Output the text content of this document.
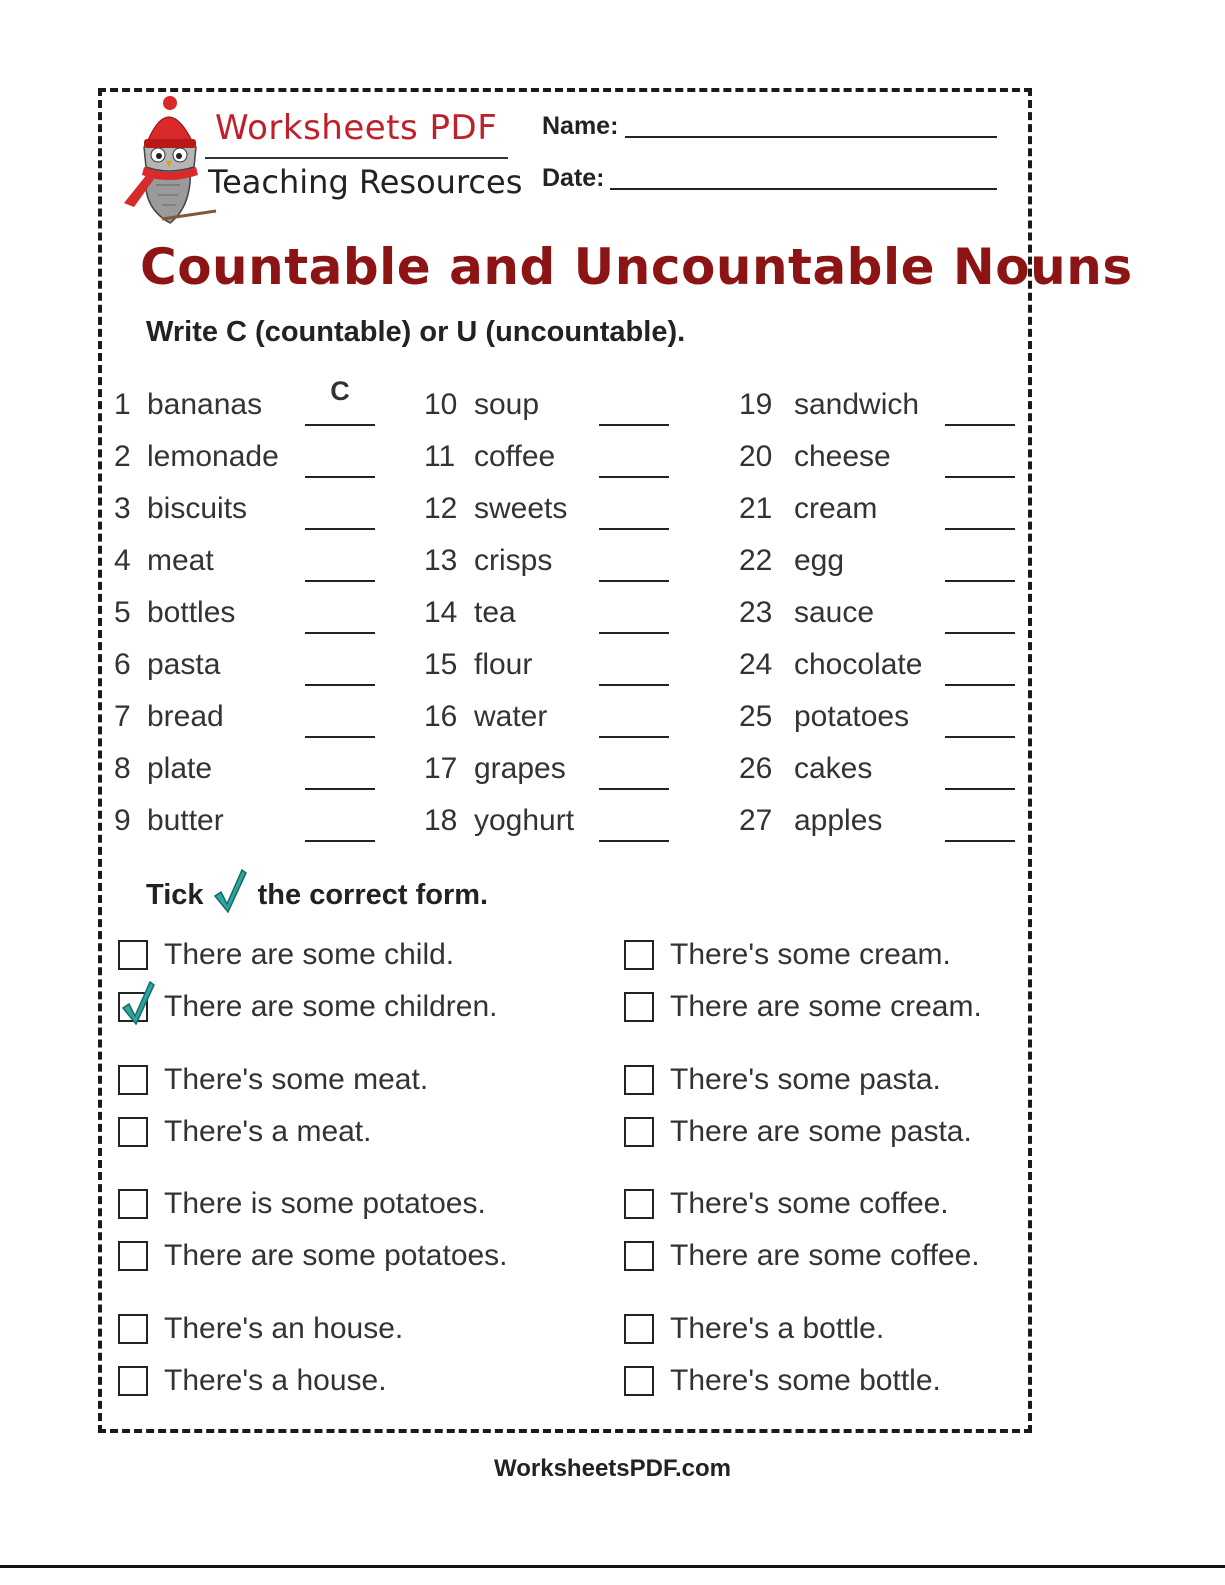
Worksheets PDF
Teaching Resources
Name:
Date:
Countable and Uncountable Nouns
Write C (countable) or U (uncountable).
1 bananas	C
2 lemonade
3 biscuits
4 meat
5 bottles
6 pasta
7 bread
8 plate
9 butter
10 soup
11 coffee
12 sweets
13 crisps
14 tea
15 flour
16 water
17 grapes
18 yoghurt
19 sandwich
20 cheese
21 cream
22 egg
23 sauce
24 chocolate
25 potatoes
26 cakes
27 apples
Tick the correct form.
There are some child.
There are some children.
There's some meat.
There's a meat.
There is some potatoes.
There are some potatoes.
There's an house.
There's a house.
There's some cream.
There are some cream.
There's some pasta.
There are some pasta.
There's some coffee.
There are some coffee.
There's a bottle.
There's some bottle.
WorksheetsPDF.com
